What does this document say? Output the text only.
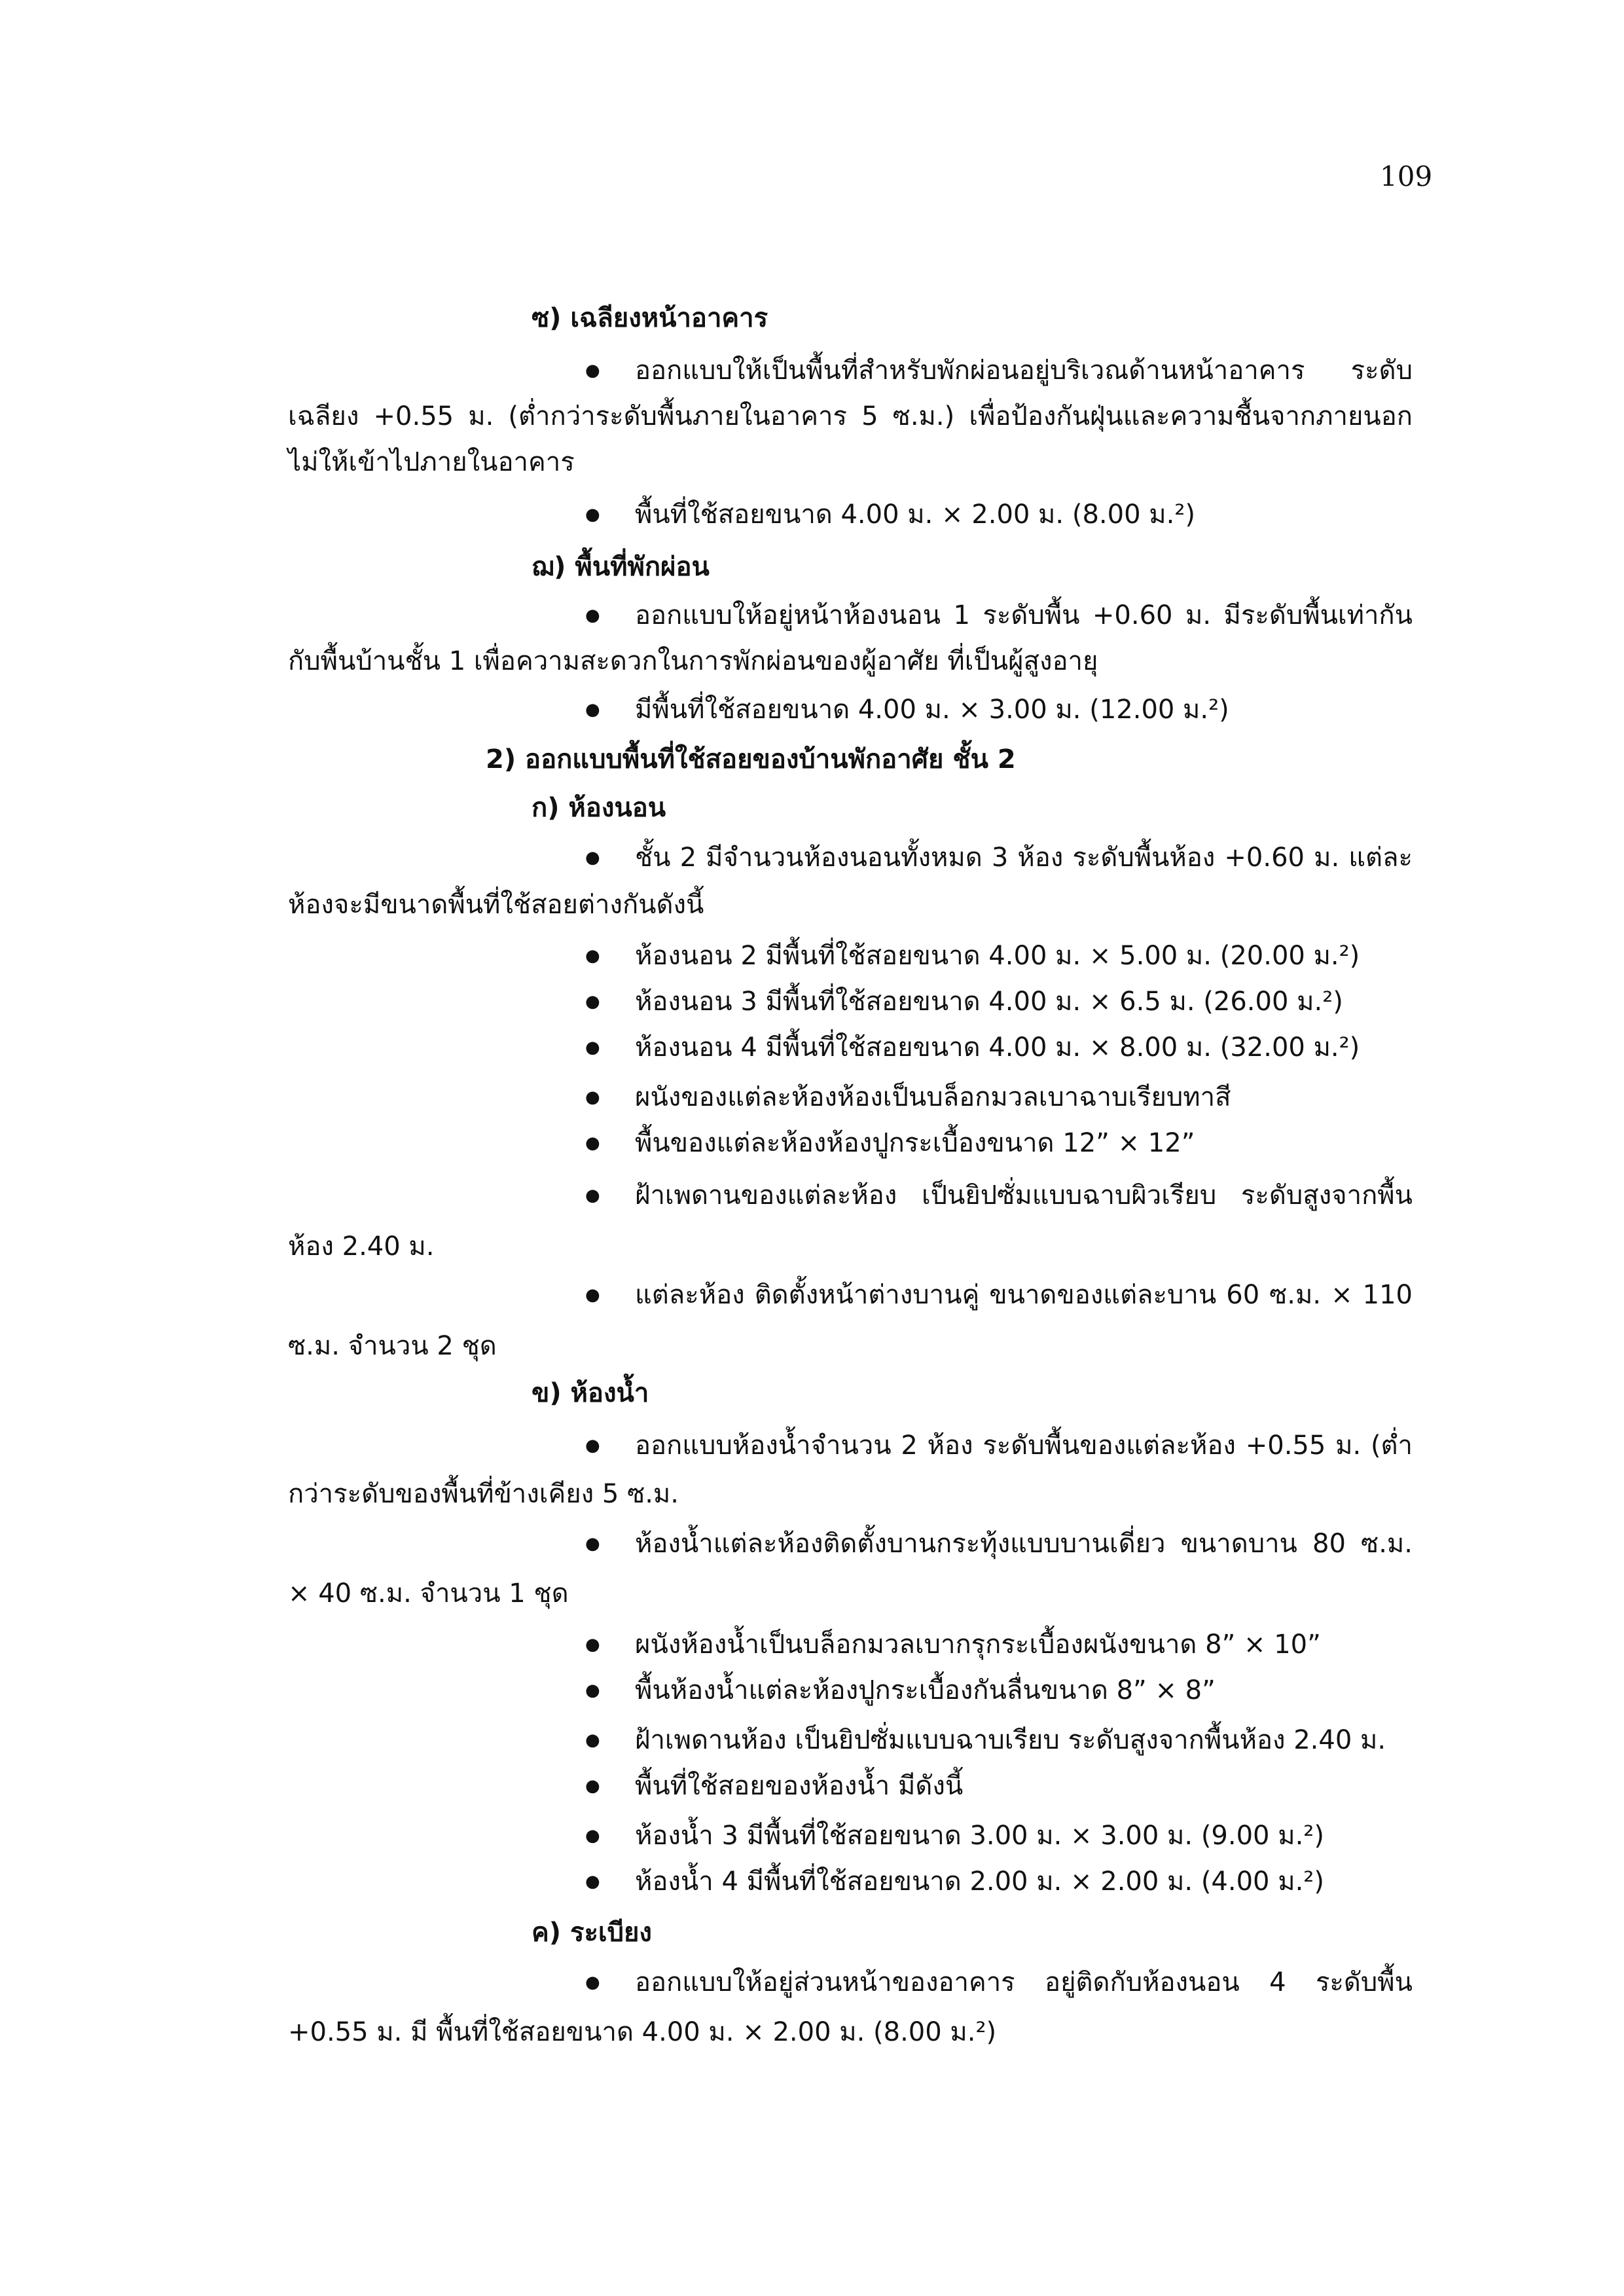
109
ซ) เฉลียงหน้าอาคาร
● ออกแบบให้เป็นพื้นที่สำหรับพักผ่อนอยู่บริเวณด้านหน้าอาคาร ระดับ
เฉลียง +0.55 ม. (ต่ำกว่าระดับพื้นภายในอาคาร 5 ซ.ม.) เพื่อป้องกันฝุ่นและความชื้นจากภายนอก
ไม่ให้เข้าไปภายในอาคาร
● พื้นที่ใช้สอยขนาด 4.00 ม. × 2.00 ม. (8.00 ม.²)
ฌ) พื้นที่พักผ่อน
● ออกแบบให้อยู่หน้าห้องนอน 1 ระดับพื้น +0.60 ม. มีระดับพื้นเท่ากัน
กับพื้นบ้านชั้น 1 เพื่อความสะดวกในการพักผ่อนของผู้อาศัย ที่เป็นผู้สูงอายุ
● มีพื้นที่ใช้สอยขนาด 4.00 ม. × 3.00 ม. (12.00 ม.²)
2) ออกแบบพื้นที่ใช้สอยของบ้านพักอาศัย ชั้น 2
ก) ห้องนอน
● ชั้น 2 มีจำนวนห้องนอนทั้งหมด 3 ห้อง ระดับพื้นห้อง +0.60 ม. แต่ละ
ห้องจะมีขนาดพื้นที่ใช้สอยต่างกันดังนี้
● ห้องนอน 2 มีพื้นที่ใช้สอยขนาด 4.00 ม. × 5.00 ม. (20.00 ม.²)
● ห้องนอน 3 มีพื้นที่ใช้สอยขนาด 4.00 ม. × 6.5 ม. (26.00 ม.²)
● ห้องนอน 4 มีพื้นที่ใช้สอยขนาด 4.00 ม. × 8.00 ม. (32.00 ม.²)
● ผนังของแต่ละห้องห้องเป็นบล็อกมวลเบาฉาบเรียบทาสี
● พื้นของแต่ละห้องห้องปูกระเบื้องขนาด 12” × 12”
● ฝ้าเพดานของแต่ละห้อง เป็นยิปซั่มแบบฉาบผิวเรียบ ระดับสูงจากพื้น
ห้อง 2.40 ม.
● แต่ละห้อง ติดตั้งหน้าต่างบานคู่ ขนาดของแต่ละบาน 60 ซ.ม. × 110
ซ.ม. จำนวน 2 ชุด
ข) ห้องน้ำ
● ออกแบบห้องน้ำจำนวน 2 ห้อง ระดับพื้นของแต่ละห้อง +0.55 ม. (ต่ำ
กว่าระดับของพื้นที่ข้างเคียง 5 ซ.ม.
● ห้องน้ำแต่ละห้องติดตั้งบานกระทุ้งแบบบานเดี่ยว ขนาดบาน 80 ซ.ม.
× 40 ซ.ม. จำนวน 1 ชุด
● ผนังห้องน้ำเป็นบล็อกมวลเบากรุกระเบื้องผนังขนาด 8” × 10”
● พื้นห้องน้ำแต่ละห้องปูกระเบื้องกันลื่นขนาด 8” × 8”
● ฝ้าเพดานห้อง เป็นยิปซั่มแบบฉาบเรียบ ระดับสูงจากพื้นห้อง 2.40 ม.
● พื้นที่ใช้สอยของห้องน้ำ มีดังนี้
● ห้องน้ำ 3 มีพื้นที่ใช้สอยขนาด 3.00 ม. × 3.00 ม. (9.00 ม.²)
● ห้องน้ำ 4 มีพื้นที่ใช้สอยขนาด 2.00 ม. × 2.00 ม. (4.00 ม.²)
ค) ระเบียง
● ออกแบบให้อยู่ส่วนหน้าของอาคาร อยู่ติดกับห้องนอน 4 ระดับพื้น
+0.55 ม. มี พื้นที่ใช้สอยขนาด 4.00 ม. × 2.00 ม. (8.00 ม.²)
